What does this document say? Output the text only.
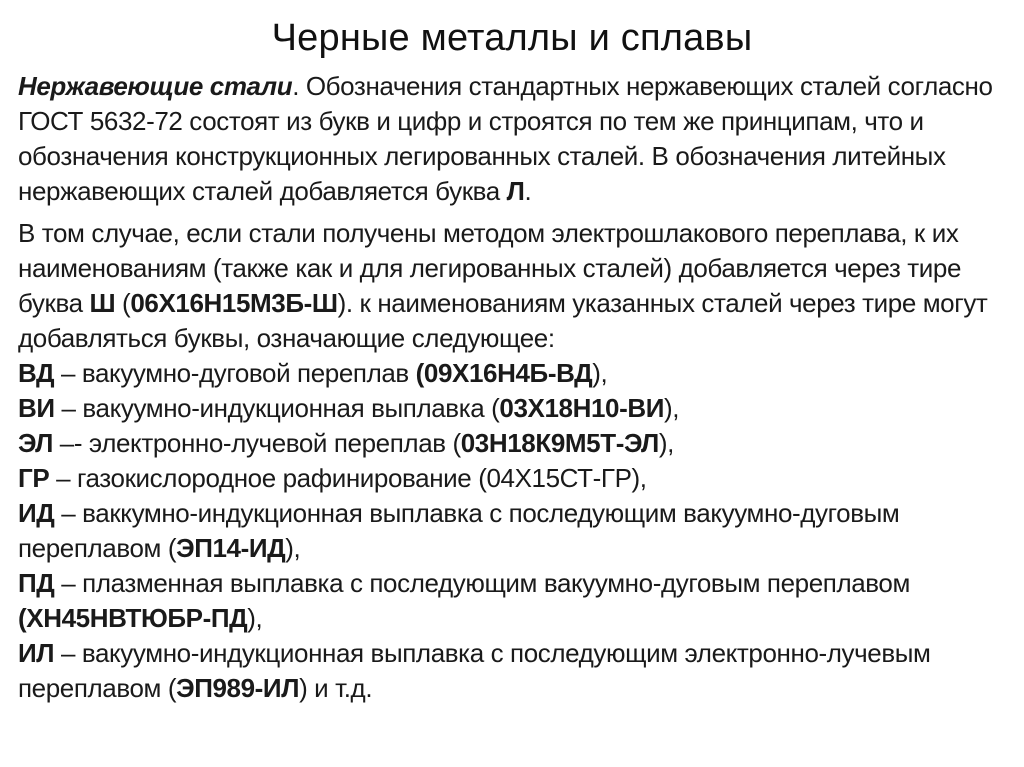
Черные металлы и сплавы

Нержавеющие стали. Обозначения стандартных нержавеющих сталей согласно ГОСТ 5632-72 состоят из букв и цифр и строятся по тем же принципам, что и обозначения конструкционных легированных сталей. В обозначения литейных нержавеющих сталей добавляется буква Л.

В том случае, если стали получены методом электрошлакового переплава, к их наименованиям (также как и для легированных сталей) добавляется через тире буква Ш (06Х16Н15М3Б-Ш). к наименованиям указанных сталей через тире могут добавляться буквы, означающие следующее:

ВД – вакуумно-дуговой переплав (09Х16Н4Б-ВД),
ВИ – вакуумно-индукционная выплавка (03Х18Н10-ВИ),
ЭЛ –- электронно-лучевой переплав (03Н18К9М5Т-ЭЛ),
ГР – газокислородное рафинирование (04Х15СТ-ГР),
ИД – ваккумно-индукционная выплавка с последующим вакуумно-дуговым переплавом (ЭП14-ИД),
ПД – плазменная выплавка с последующим вакуумно-дуговым переплавом (ХН45НВТЮБР-ПД),
ИЛ – вакуумно-индукционная выплавка с последующим электронно-лучевым переплавом (ЭП989-ИЛ) и т.д.
